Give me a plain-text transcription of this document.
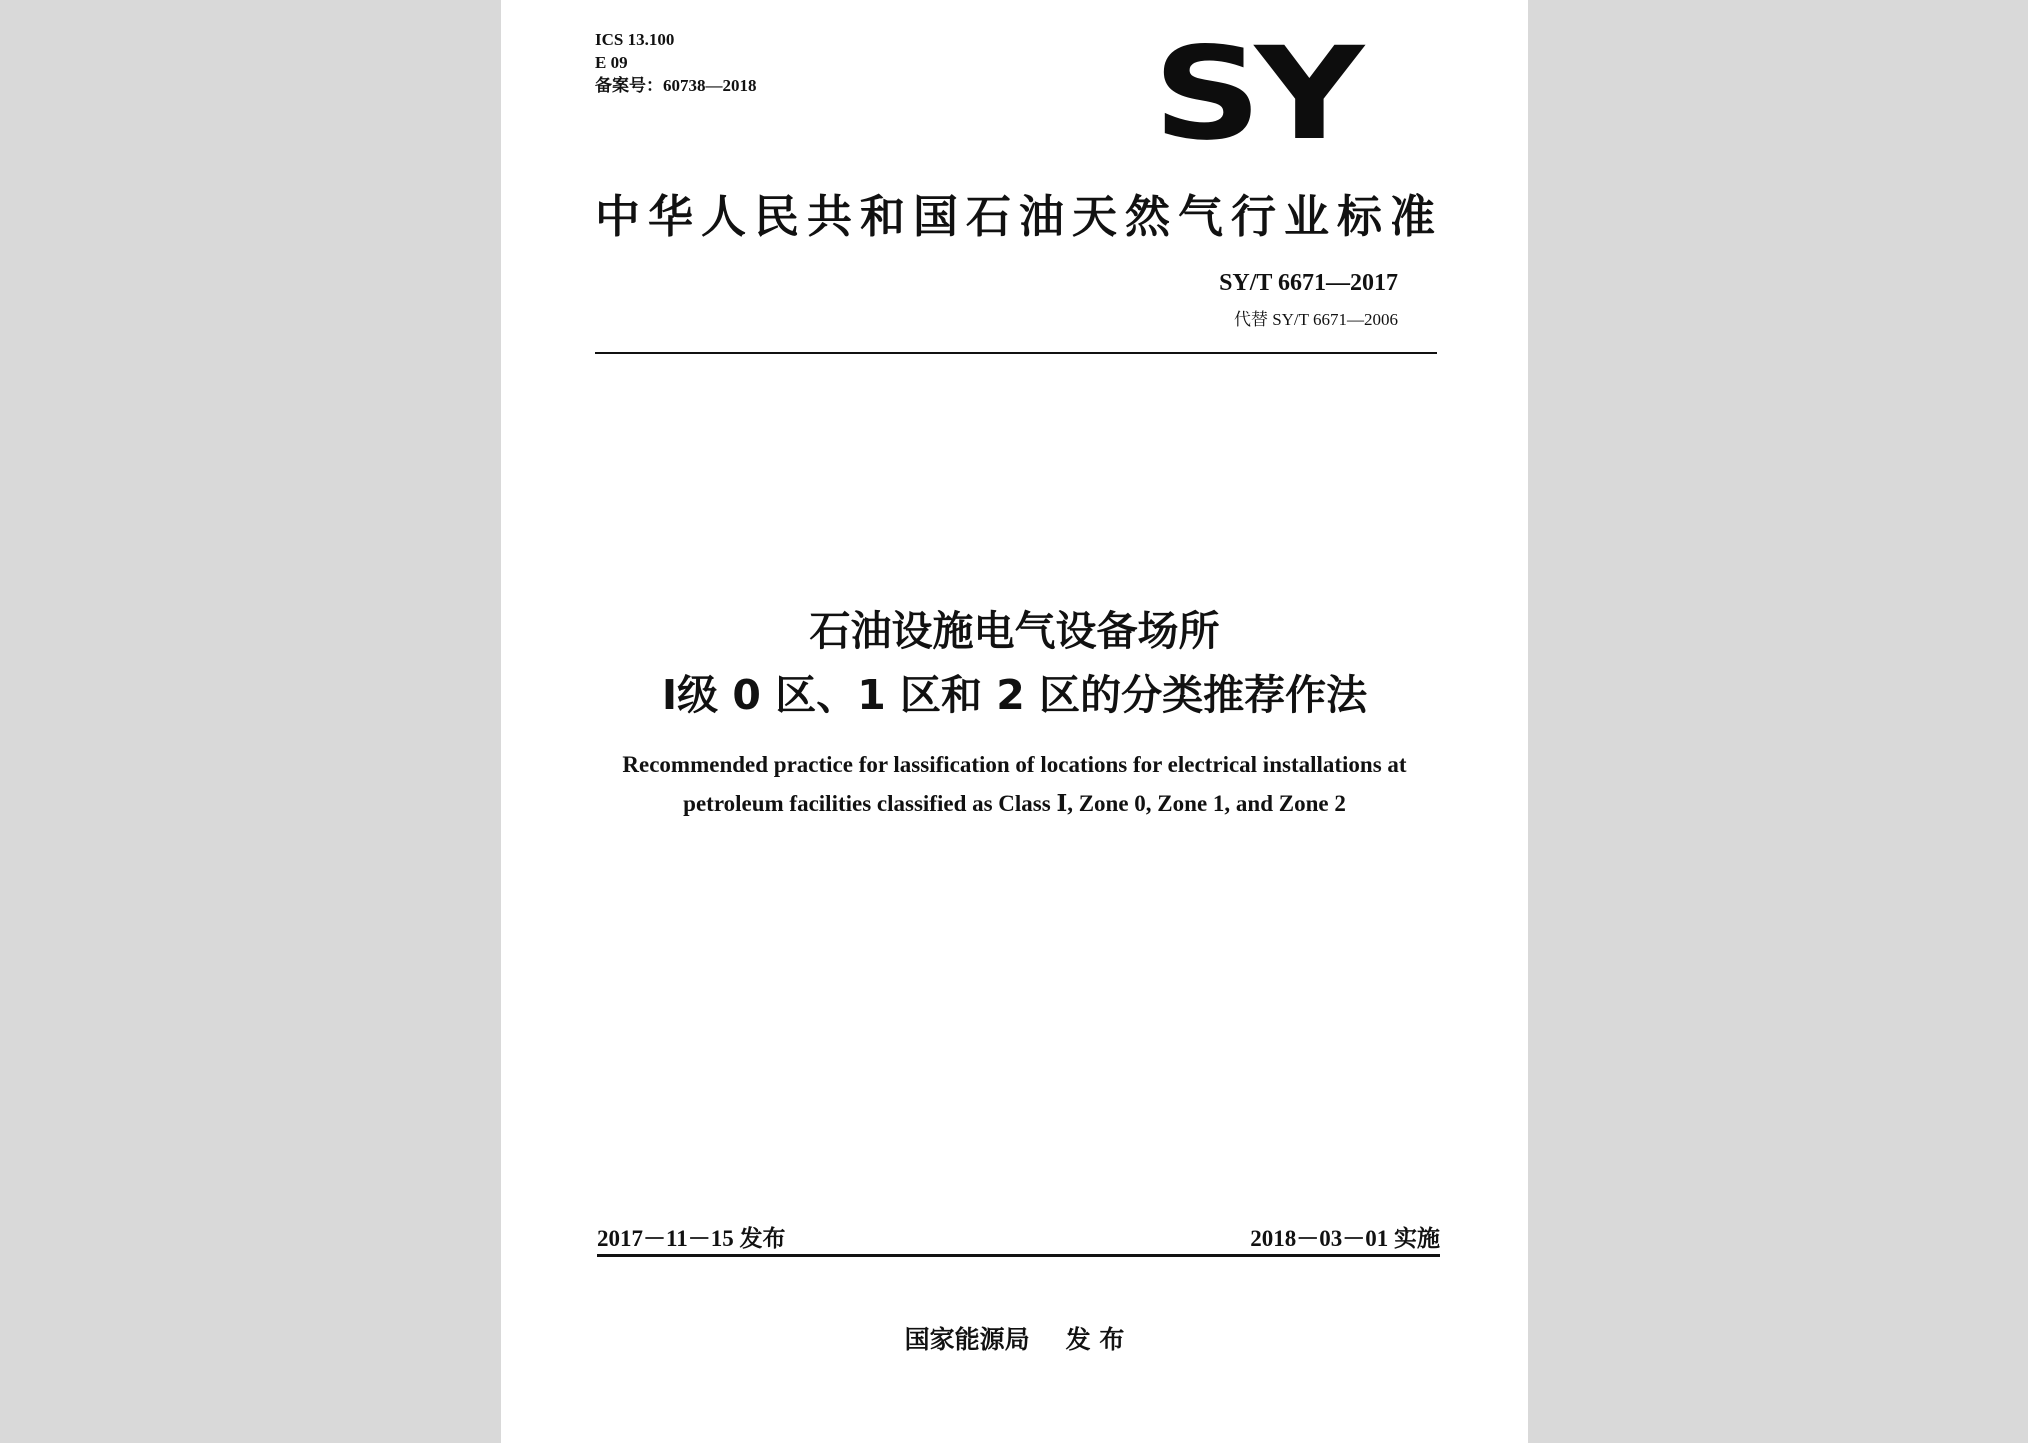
ICS 13.100
E 09
备案号：60738—2018	SY
中华人民共和国石油天然气行业标准
SY/T 6671—2017
代替 SY/T 6671—2006
石油设施电气设备场所
Ⅰ级 0 区、1 区和 2 区的分类推荐作法
Recommended practice for lassification of locations for electrical installations at
petroleum facilities classified as Class Ⅰ, Zone 0, Zone 1, and Zone 2
2017－11－15 发布	2018－03－01 实施
国家能源局 发 布
